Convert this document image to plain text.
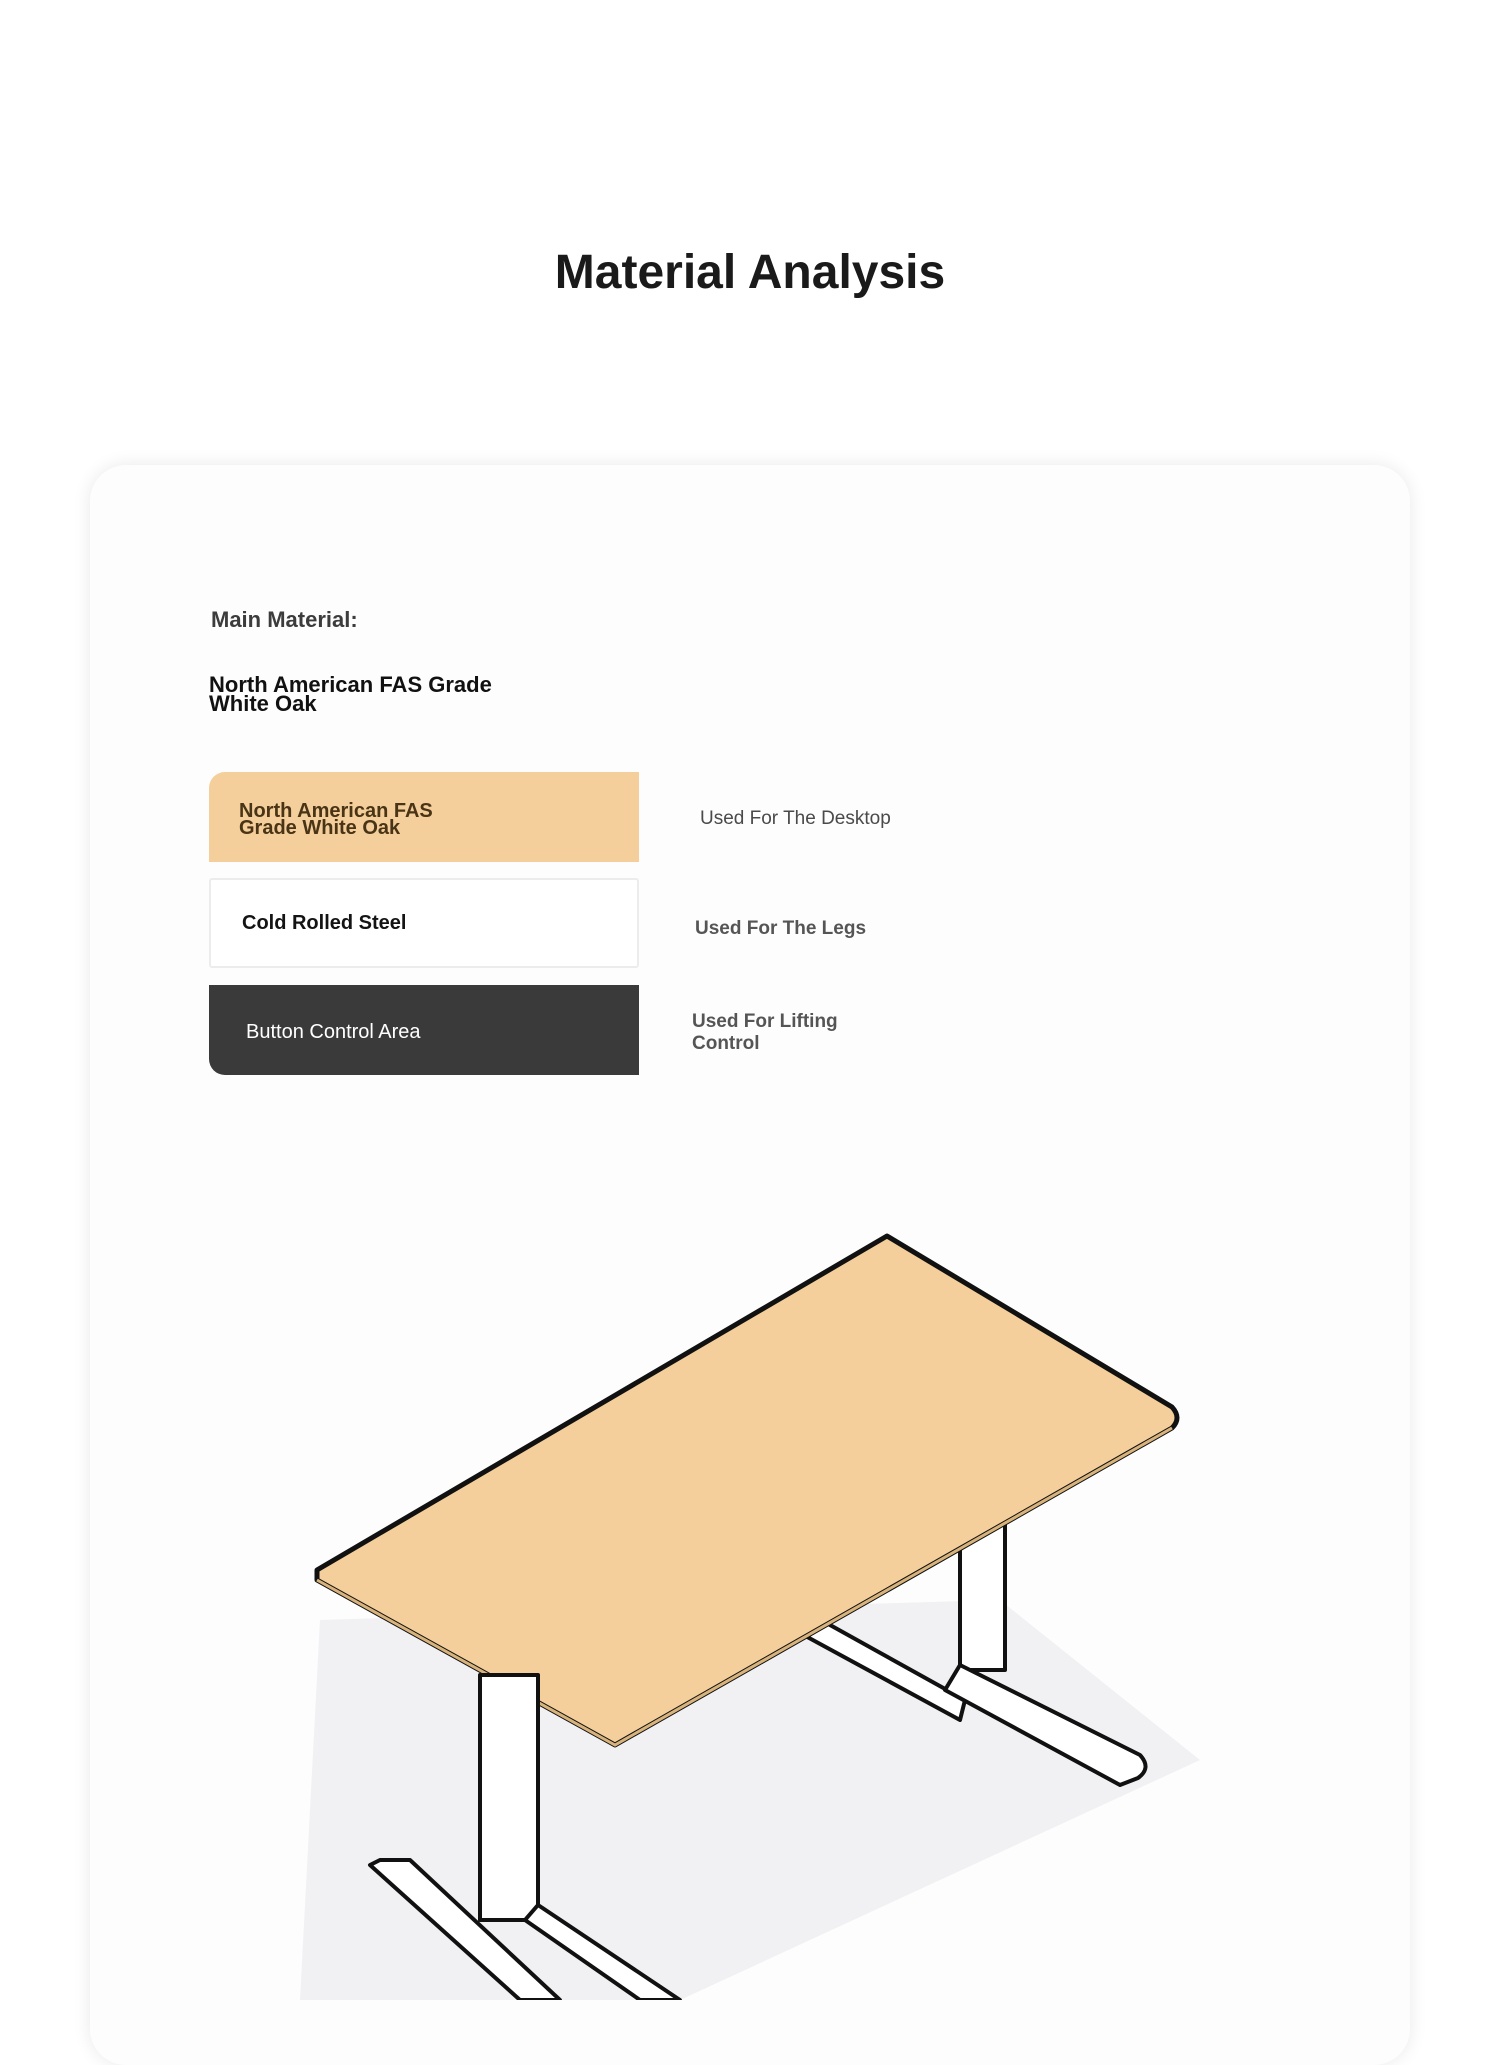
Material Analysis
Main Material:
North American FAS Grade White Oak
North American FAS Grade White Oak	Used For The Desktop
Cold Rolled Steel	Used For The Legs
Button Control Area	Used For Lifting Control
